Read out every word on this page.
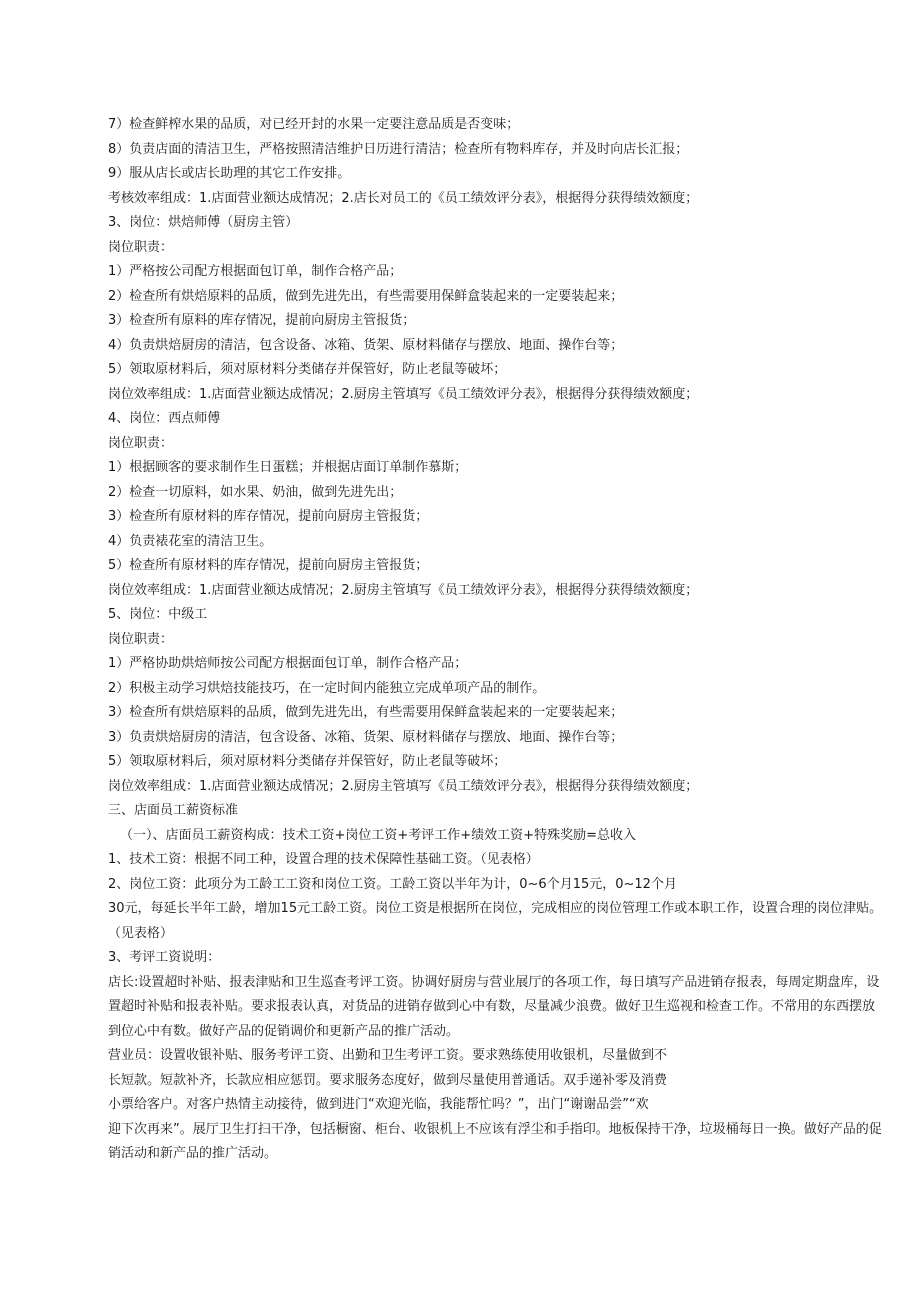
7）检查鲜榨水果的品质，对已经开封的水果一定要注意品质是否变味；
8）负责店面的清洁卫生，严格按照清洁维护日历进行清洁；检查所有物料库存，并及时向店长汇报；
9）服从店长或店长助理的其它工作安排。
考核效率组成：1.店面营业额达成情况；2.店长对员工的《员工绩效评分表》，根据得分获得绩效额度；
3、岗位：烘焙师傅（厨房主管）
岗位职责：
1）严格按公司配方根据面包订单，制作合格产品；
2）检查所有烘焙原料的品质，做到先进先出，有些需要用保鲜盒装起来的一定要装起来；
3）检查所有原料的库存情况，提前向厨房主管报货；
4）负责烘焙厨房的清洁，包含设备、冰箱、货架、原材料储存与摆放、地面、操作台等；
5）领取原材料后，须对原材料分类储存并保管好，防止老鼠等破坏；
岗位效率组成：1.店面营业额达成情况；2.厨房主管填写《员工绩效评分表》，根据得分获得绩效额度；
4、岗位：西点师傅
岗位职责：
1）根据顾客的要求制作生日蛋糕；并根据店面订单制作慕斯；
2）检查一切原料，如水果、奶油，做到先进先出；
3）检查所有原材料的库存情况，提前向厨房主管报货；
4）负责裱花室的清洁卫生。
5）检查所有原材料的库存情况，提前向厨房主管报货；
岗位效率组成：1.店面营业额达成情况；2.厨房主管填写《员工绩效评分表》，根据得分获得绩效额度；
5、岗位：中级工
岗位职责：
1）严格协助烘焙师按公司配方根据面包订单，制作合格产品；
2）积极主动学习烘焙技能技巧，在一定时间内能独立完成单项产品的制作。
3）检查所有烘焙原料的品质，做到先进先出，有些需要用保鲜盒装起来的一定要装起来；
3）负责烘焙厨房的清洁，包含设备、冰箱、货架、原材料储存与摆放、地面、操作台等；
5）领取原材料后，须对原材料分类储存并保管好，防止老鼠等破坏；
岗位效率组成：1.店面营业额达成情况；2.厨房主管填写《员工绩效评分表》，根据得分获得绩效额度；
三、店面员工薪资标准
（一）、店面员工薪资构成：技术工资+岗位工资+考评工作+绩效工资+特殊奖励=总收入
1、技术工资：根据不同工种，设置合理的技术保障性基础工资。（见表格）
2、岗位工资：此项分为工龄工工资和岗位工资。工龄工资以半年为计，0~6个月15元，0~12个月
30元，每延长半年工龄，增加15元工龄工资。岗位工资是根据所在岗位，完成相应的岗位管理工作或本职工作，设置合理的岗位津贴。（见表格）
3、考评工资说明：
店长:设置超时补贴、报表津贴和卫生巡查考评工资。协调好厨房与营业展厅的各项工作，每日填写产品进销存报表，每周定期盘库，设置超时补贴和报表补贴。要求报表认真，对货品的进销存做到心中有数，尽量减少浪费。做好卫生巡视和检查工作。不常用的东西摆放到位心中有数。做好产品的促销调价和更新产品的推广活动。
营业员：设置收银补贴、服务考评工资、出勤和卫生考评工资。要求熟练使用收银机，尽量做到不
长短款。短款补齐，长款应相应惩罚。要求服务态度好，做到尽量使用普通话。双手递补零及消费
小票给客户。对客户热情主动接待，做到进门“欢迎光临，我能帮忙吗？”，出门“谢谢品尝”“欢
迎下次再来”。展厅卫生打扫干净，包括橱窗、柜台、收银机上不应该有浮尘和手指印。地板保持干净，垃圾桶每日一换。做好产品的促销活动和新产品的推广活动。
